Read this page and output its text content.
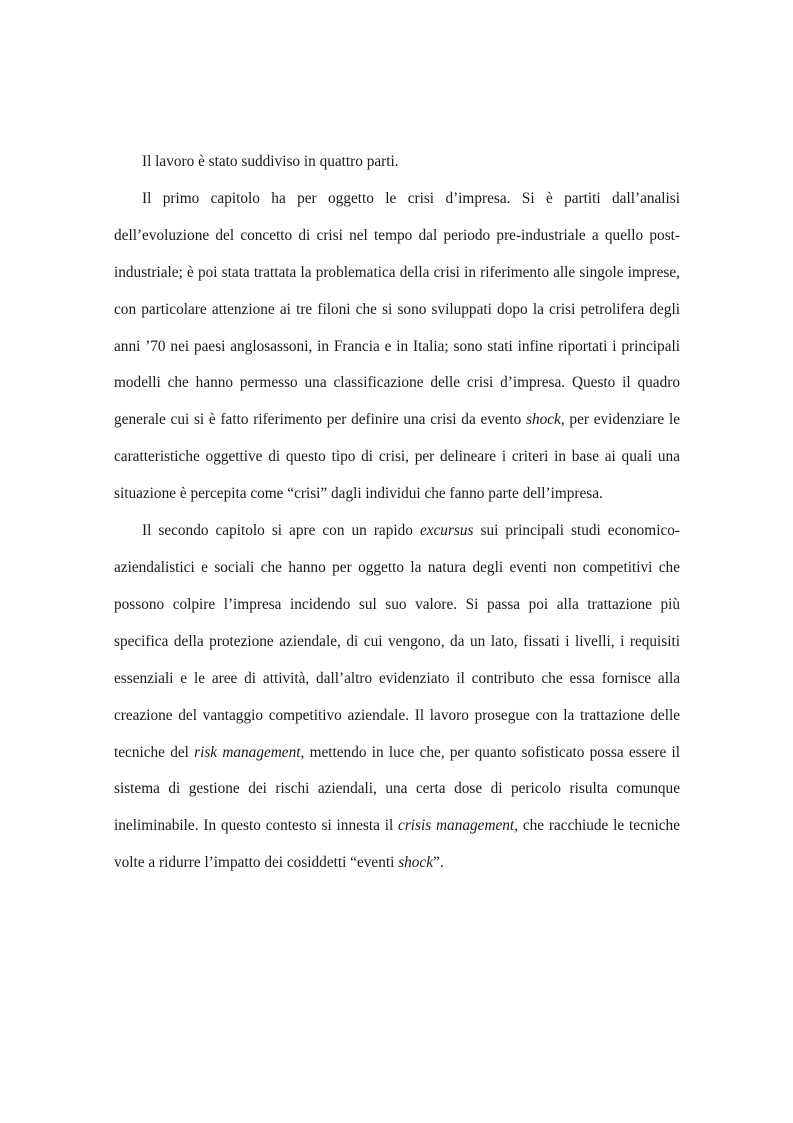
Il lavoro è stato suddiviso in quattro parti.

Il primo capitolo ha per oggetto le crisi d’impresa. Si è partiti dall’analisi dell’evoluzione del concetto di crisi nel tempo dal periodo pre-industriale a quello post-industriale; è poi stata trattata la problematica della crisi in riferimento alle singole imprese, con particolare attenzione ai tre filoni che si sono sviluppati dopo la crisi petrolifera degli anni ’70 nei paesi anglosassoni, in Francia e in Italia; sono stati infine riportati i principali modelli che hanno permesso una classificazione delle crisi d’impresa. Questo il quadro generale cui si è fatto riferimento per definire una crisi da evento shock, per evidenziare le caratteristiche oggettive di questo tipo di crisi, per delineare i criteri in base ai quali una situazione è percepita come “crisi” dagli individui che fanno parte dell’impresa.

Il secondo capitolo si apre con un rapido excursus sui principali studi economico-aziendalistici e sociali che hanno per oggetto la natura degli eventi non competitivi che possono colpire l’impresa incidendo sul suo valore. Si passa poi alla trattazione più specifica della protezione aziendale, di cui vengono, da un lato, fissati i livelli, i requisiti essenziali e le aree di attività, dall’altro evidenziato il contributo che essa fornisce alla creazione del vantaggio competitivo aziendale. Il lavoro prosegue con la trattazione delle tecniche del risk management, mettendo in luce che, per quanto sofisticato possa essere il sistema di gestione dei rischi aziendali, una certa dose di pericolo risulta comunque ineliminabile. In questo contesto si innesta il crisis management, che racchiude le tecniche volte a ridurre l’impatto dei cosiddetti “eventi shock”.
